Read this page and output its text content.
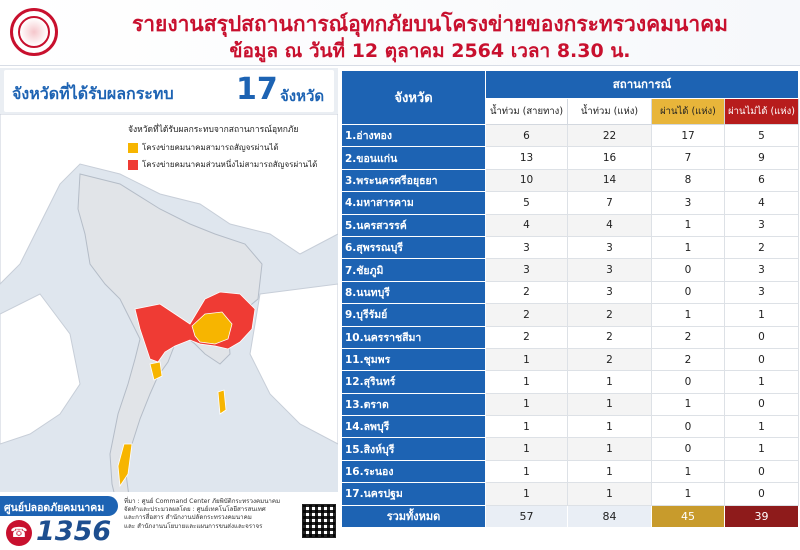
รายงานสรุปสถานการณ์อุทกภัยบนโครงข่ายของกระทรวงคมนาคม
ข้อมูล ณ วันที่ 12 ตุลาคม 2564 เวลา 8.30 น.
จังหวัดที่ได้รับผลกระทบ 17 จังหวัด
จังหวัดที่ได้รับผลกระทบจากสถานการณ์อุทกภัย
โครงข่ายคมนาคมสามารถสัญจรผ่านได้
โครงข่ายคมนาคมส่วนหนึ่งไม่สามารถสัญจรผ่านได้
ศูนย์ปลอดภัยคมนาคม
☎ 1356
ที่มา : ศูนย์ Command Center ภัยพิบัติกระทรวงคมนาคม
จัดทำและประมวลผลโดย : ศูนย์เทคโนโลยีสารสนเทศ
และการสื่อสาร สำนักงานปลัดกระทรวงคมนาคม
และ สำนักงานนโยบายและแผนการขนส่งและจราจร
จังหวัด	สถานการณ์			
	น้ำท่วม (สายทาง)	น้ำท่วม (แห่ง)	ผ่านได้ (แห่ง)	ผ่านไม่ได้ (แห่ง)
1.อ่างทอง	6	22	17	5
2.ขอนแก่น	13	16	7	9
3.พระนครศรีอยุธยา	10	14	8	6
4.มหาสารคาม	5	7	3	4
5.นครสวรรค์	4	4	1	3
6.สุพรรณบุรี	3	3	1	2
7.ชัยภูมิ	3	3	0	3
8.นนทบุรี	2	3	0	3
9.บุรีรัมย์	2	2	1	1
10.นครราชสีมา	2	2	2	0
11.ชุมพร	1	2	2	0
12.สุรินทร์	1	1	0	1
13.ตราด	1	1	1	0
14.ลพบุรี	1	1	0	1
15.สิงห์บุรี	1	1	0	1
16.ระนอง	1	1	1	0
17.นครปฐม	1	1	1	0
รวมทั้งหมด	57	84	45	39
